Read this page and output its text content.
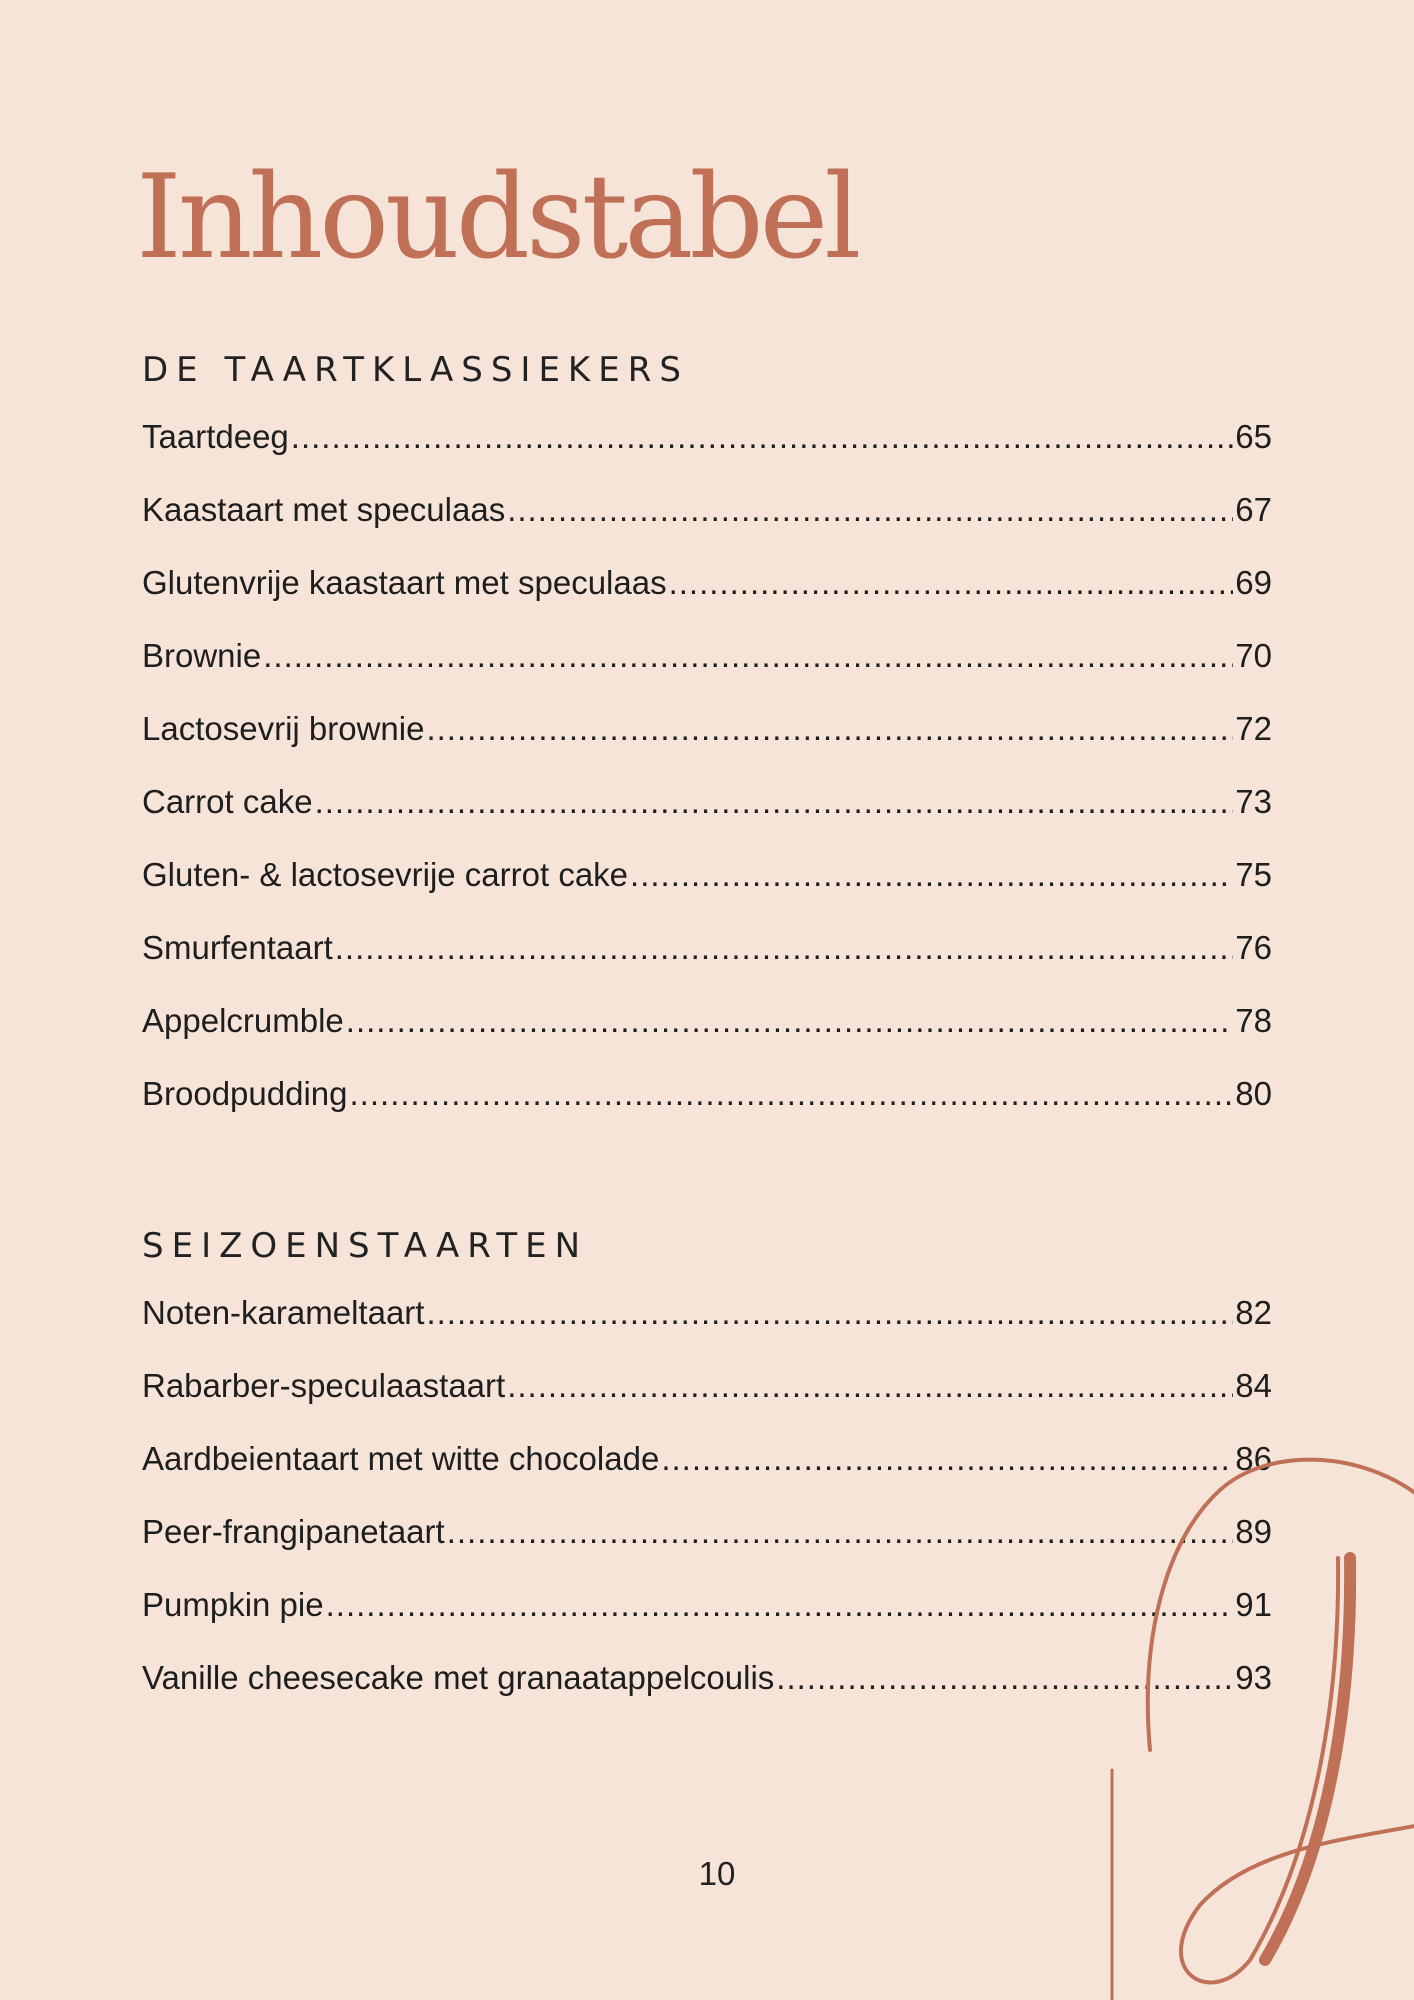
Inhoudstabel
DE TAARTKLASSIEKERS
Taartdeeg .....	65
Kaastaart met speculaas .....	67
Glutenvrije kaastaart met speculaas .....	69
Brownie .....	70
Lactosevrij brownie .....	72
Carrot cake .....	73
Gluten- & lactosevrije carrot cake .....	75
Smurfentaart .....	76
Appelcrumble .....	78
Broodpudding .....	80
SEIZOENSTAARTEN
Noten-karameltaart .....	82
Rabarber-speculaastaart .....	84
Aardbeientaart met witte chocolade .....	86
Peer-frangipanetaart .....	89
Pumpkin pie .....	91
Vanille cheesecake met granaatappelcoulis .....	93
10
